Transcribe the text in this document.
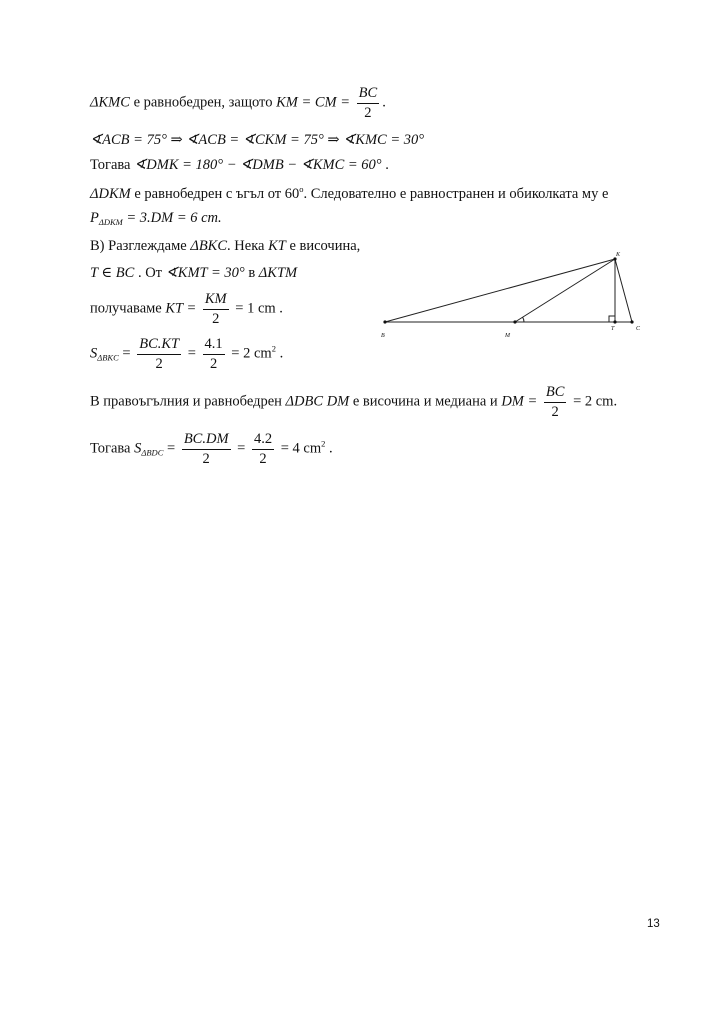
ΔKMC е равнобедрен, защото KM = CM = $\frac{BC}{2}$ .
∢ACB = 75° ⇒ ∢ACB = ∢CKM = 75° ⇒ ∢KMC = 30°
Тогава ∢DMK = 180° − ∢DMB − ∢KMC = 60° .
ΔDKM е равнобедрен с ъгъл от 60$^o$. Следователно е равностранен и обиколката му е
$P_{\Delta DKM} = 3.DM = 6$ cm.
В) Разглеждаме ΔBKC. Нека KT е височина,
T ∈ BC . От ∢KMT = 30° в ΔKTM
получаваме KT = $\frac{KM}{2} = 1$ cm .
$S_{\Delta BKC} = \frac{BC.KT}{2} = \frac{4.1}{2} = 2$ $cm^2$ .
В правоъгълния и равнобедрен ΔDBC DM е височина и медиана и DM = $\frac{BC}{2} = 2$ cm.
Тогава $S_{\Delta BDC} = \frac{BC.DM}{2} = \frac{4.2}{2} = 4$ $cm^2$ .
K
B	M
T	C
13
